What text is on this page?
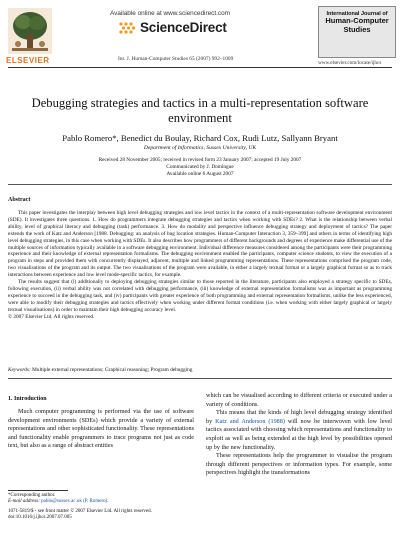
ELSEVIER
Available online at www.sciencedirect.com
ScienceDirect
Int. J. Human-Computer Studies 65 (2007) 992–1009
International Journal of
Human-Computer
Studies
www.elsevier.com/locate/ijhcs
Debugging strategies and tactics in a multi-representation software environment
Pablo Romero*, Benedict du Boulay, Richard Cox, Rudi Lutz, Sallyann Bryant
Department of Informatics, Sussex University, UK
Received 28 November 2005; received in revised form 23 January 2007; accepted 19 July 2007
Communicated by J. Domingue
Available online 6 August 2007
Abstract

This paper investigates the interplay between high level debugging strategies and low level tactics in the context of a multi-representation software development environment (SDE). It investigates three questions. 1. How do programmers integrate debugging strategies and tactics when working with SDEs? 2. What is the relationship between verbal ability, level of graphical literacy and debugging (task) performance. 3. How do modality and perspective influence debugging strategy and deployment of tactics? The paper extends the work of Katz and Anderson [1988. Debugging: an analysis of bug location strategies. Human-Computer Interaction 3, 359–399] and others in terms of identifying high level debugging strategies, in this case when working with SDEs. It also describes how programmers of different backgrounds and degrees of experience make differential use of the multiple sources of information typically available in a software debugging environment. Individual difference measures considered among the participants were their programming experience and their knowledge of external representation formalisms. The debugging environment enabled the participants, computer science students, to view the execution of a program in steps and provided them with concurrently displayed, adjacent, multiple and linked programming representations. These representations comprised the program code, two visualisations of the program and its output. The two visualisations of the program were available, in either a largely textual format or a largely graphical format so as to track interactions between experience and low level mode-specific tactics, for example.

The results suggest that (i) additionally to deploying debugging strategies similar to those reported in the literature, participants also employed a strategy specific to SDEs, following execution, (ii) verbal ability was not correlated with debugging performance, (iii) knowledge of external representation formalisms was as important as programming experience to succeed in the debugging task, and (iv) participants with greater experience of both programming and external representation formalisms, unlike the less experienced, were able to modify their debugging strategies and tactics effectively when working under different format conditions (i.e. when working with either largely graphical or largely textual visualisations) in order to maintain their high debugging accuracy level.

© 2007 Elsevier Ltd. All rights reserved.

Keywords: Multiple external representations; Graphical reasoning; Program debugging
1. Introduction

Much computer programming is performed via the use of software development environments (SDEs) which provide a variety of external representations and other sophisticated functionality. These representations and functionality enable programmers to trace programs not just as code text, but also as a range of abstract entities

which can be visualised according to different criteria or executed under a variety of conditions.

This means that the kinds of high level debugging strategy identified by Katz and Anderson (1988) will now be interwoven with low level tactics associated with choosing which representations and functionality to exploit as well as being extended at the high level by possibilities opened up by the new functionality.

These representations help the programmer to visualise the program through different perspectives or information types. For example, some perspectives highlight the transformations

*Corresponding author.
E-mail address: pablo@sussex.ac.uk (P. Romero).
1071-5819/$ - see front matter © 2007 Elsevier Ltd. All rights reserved.
doi:10.1016/j.ijhcs.2007.07.005
